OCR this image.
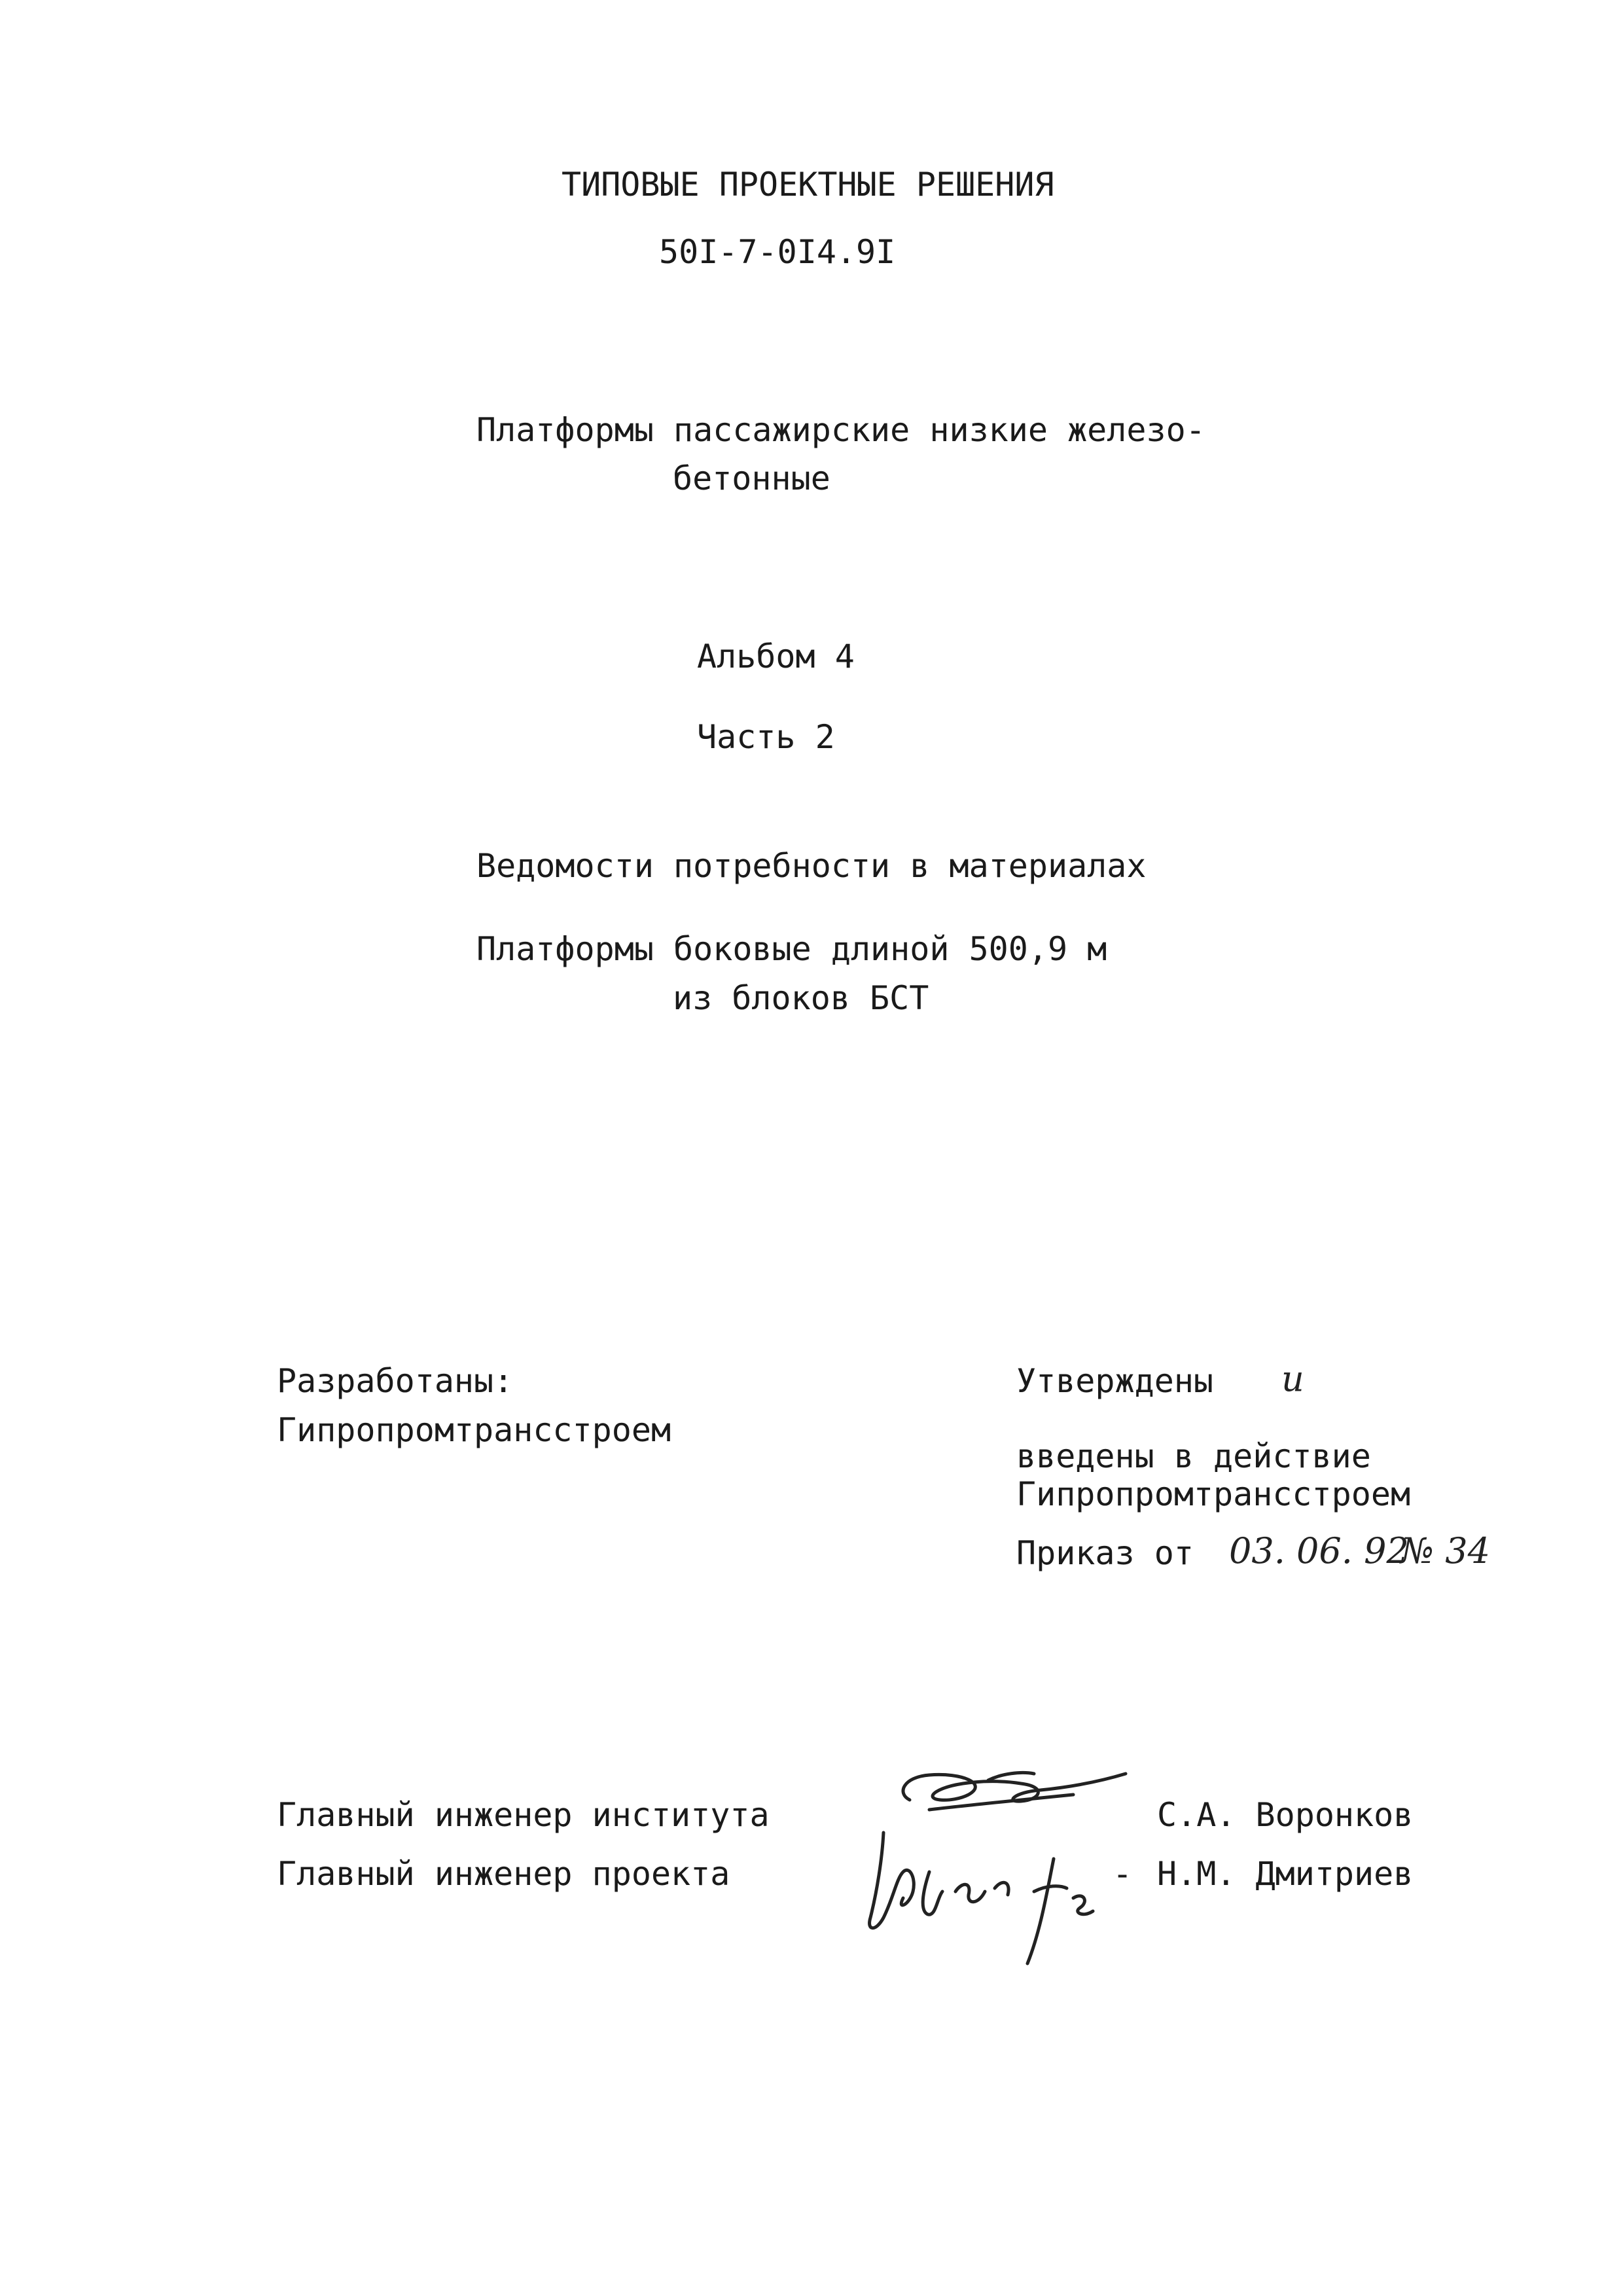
ТИПОВЫЕ ПРОЕКТНЫЕ РЕШЕНИЯ
50I-7-0I4.9I
Платформы пассажирские низкие железо-
бетонные
Альбом 4
Часть 2
Ведомости потребности в материалах
Платформы боковые длиной 500,9 м
из блоков БСТ
Разработаны:
Гипропромтрансстроем
Утверждены и
введены в действие
Гипропромтрансстроем
Приказ от 03. 06. 92
№ 34
Главный инженер института	С.А. Воронков
Главный инженер проекта	- Н.М. Дмитриев
